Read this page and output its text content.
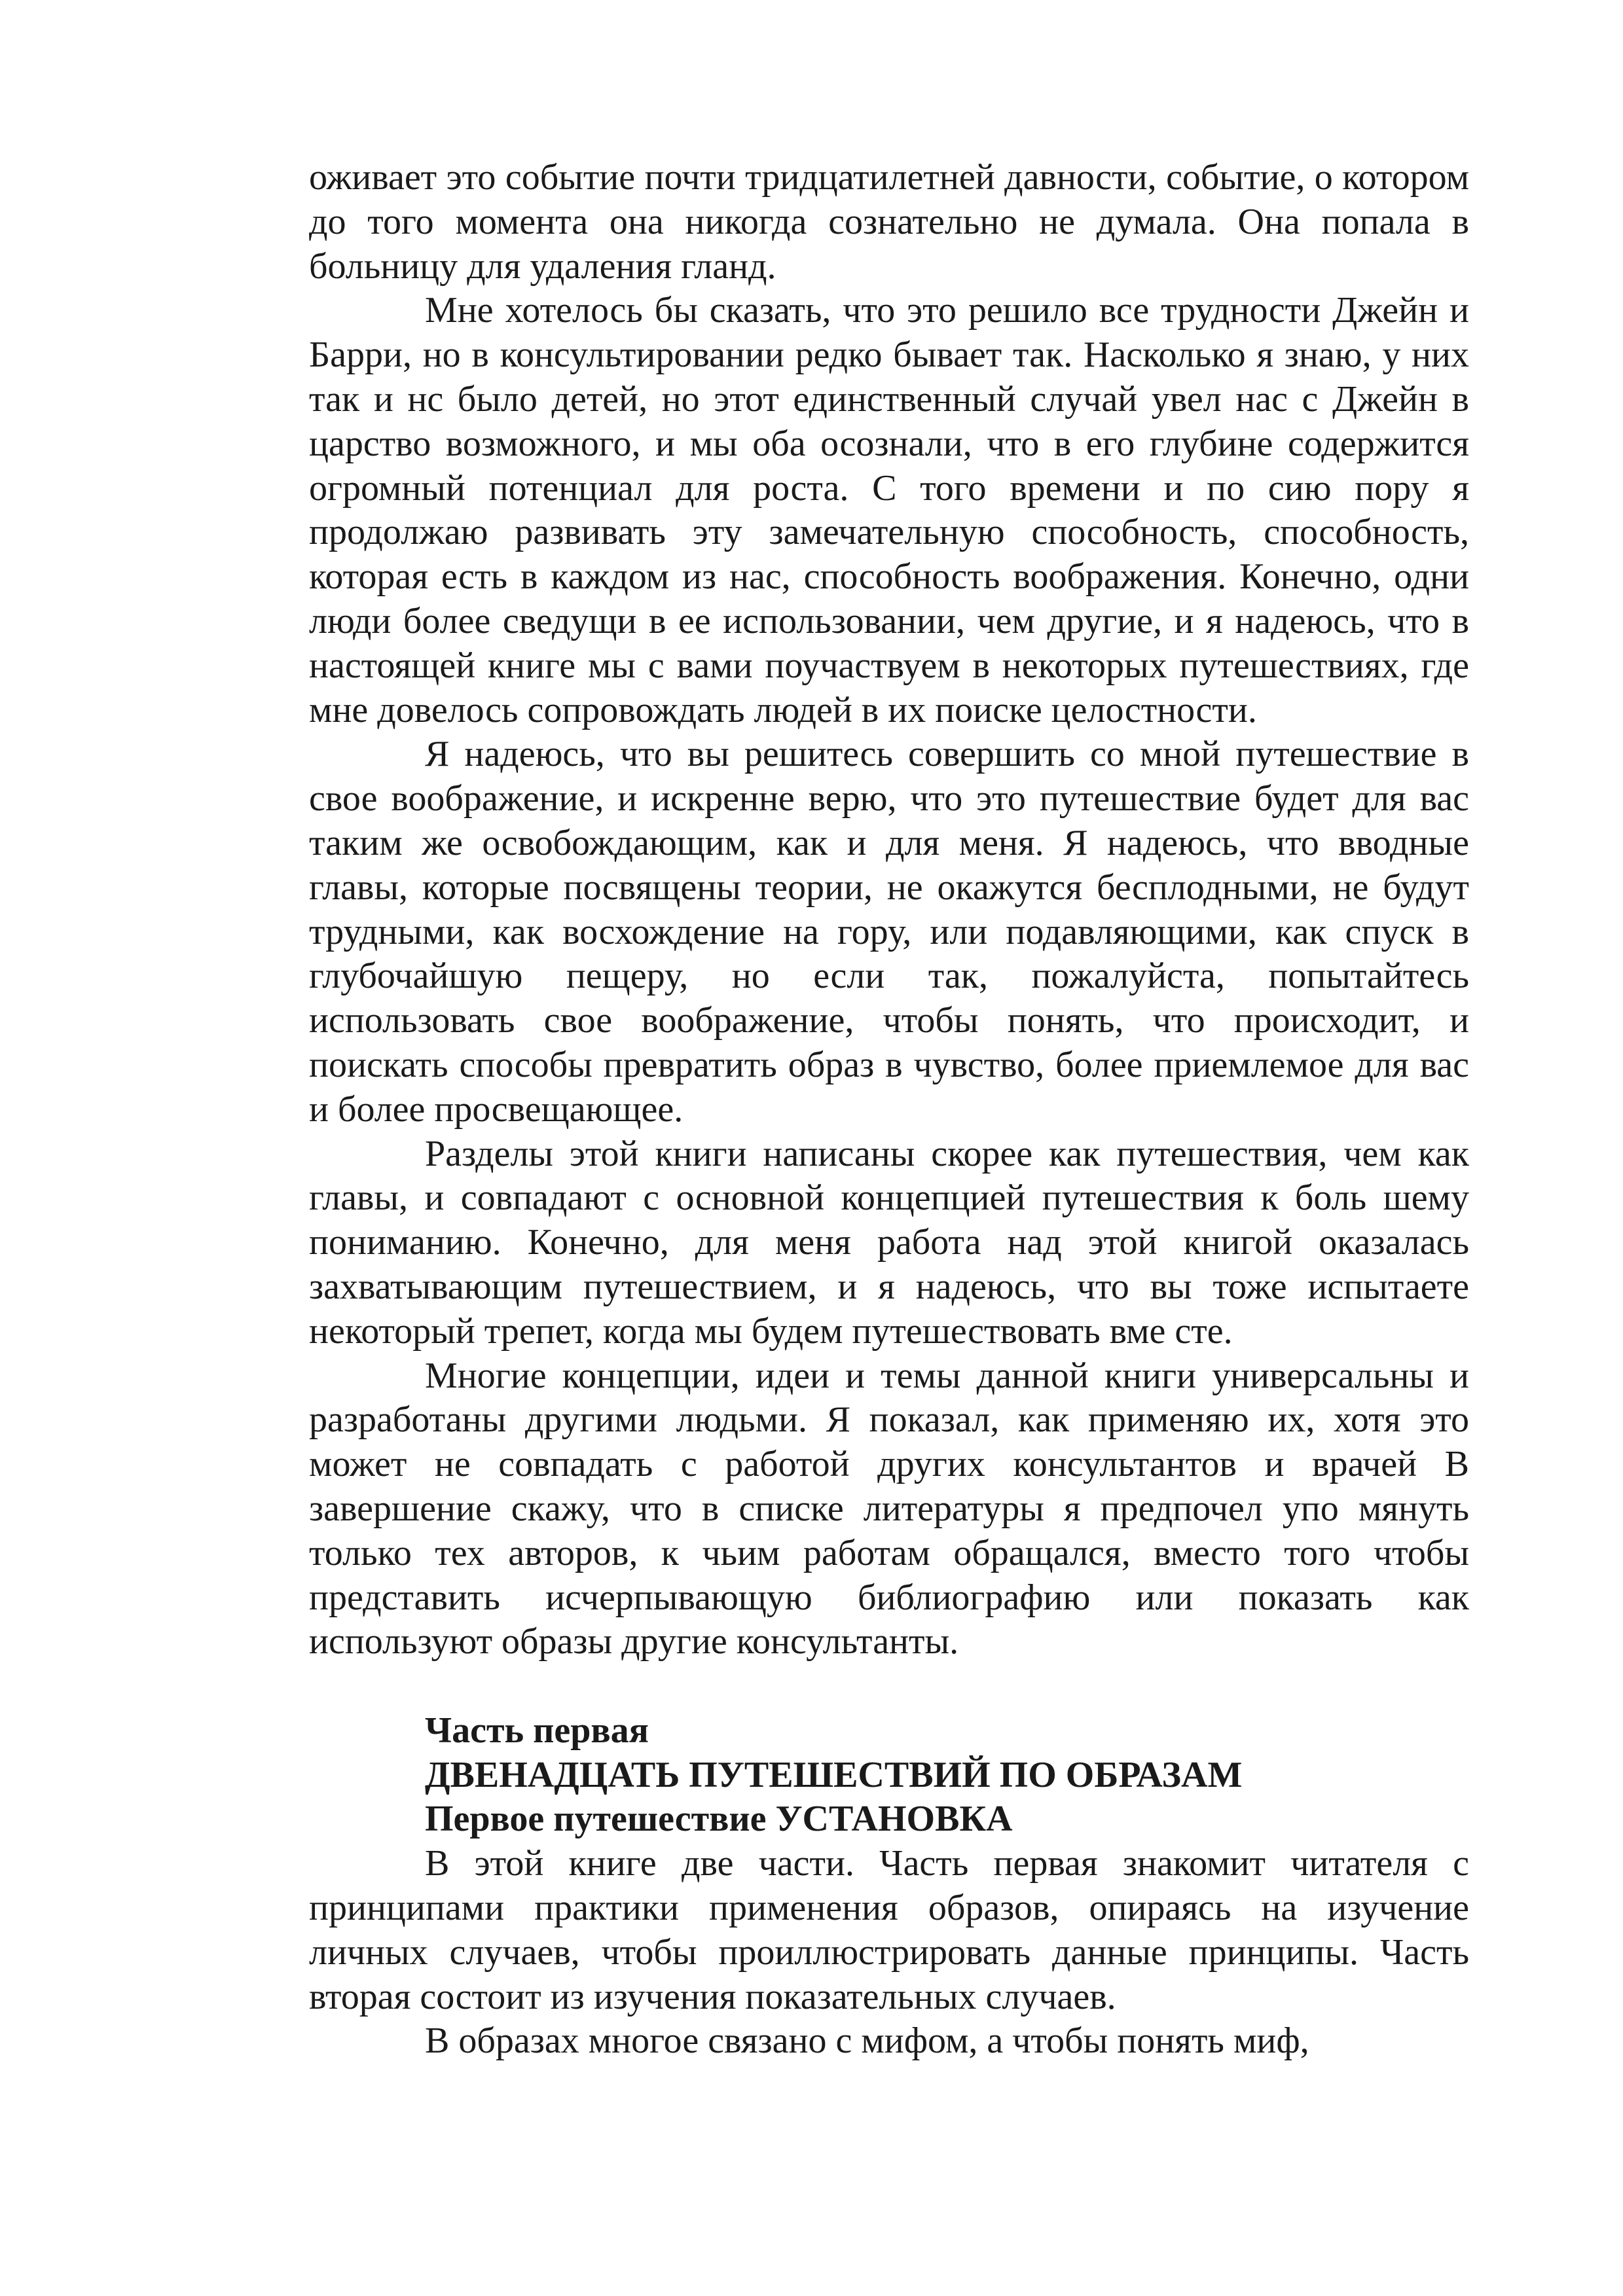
оживает это событие почти тридцатилетней давности, событие, о котором до того момента она никогда сознательно не думала. Она попала в больницу для удаления гланд.

Мне хотелось бы сказать, что это решило все трудности Джейн и Барри, но в консультировании редко бывает так. Насколько я знаю, у них так и нс было детей, но этот единственный случай увел нас с Джейн в царство возможного, и мы оба осознали, что в его глубине содержится огромный потенциал для роста. С того времени и по сию пору я продолжаю развивать эту замечательную способность, способность, которая есть в каждом из нас, способность воображения. Конечно, одни люди более сведущи в ее использовании, чем другие, и я надеюсь, что в настоящей книге мы с вами поучаствуем в некоторых путешествиях, где мне довелось сопровождать людей в их поиске целостности.

Я надеюсь, что вы решитесь совершить со мной путешествие в свое воображение, и искренне верю, что это путешествие будет для вас таким же освобождающим, как и для меня. Я надеюсь, что вводные главы, которые посвящены теории, не окажутся бесплодными, не будут трудными, как восхождение на гору, или подавляющими, как спуск в глубочайшую пещеру, но если так, пожалуйста, попытайтесь использовать свое воображение, чтобы понять, что происходит, и поискать способы превратить образ в чувство, более приемлемое для вас и более просвещающее.

Разделы этой книги написаны скорее как путешествия, чем как главы, и совпадают с основной концепцией путешествия к боль шему пониманию. Конечно, для меня работа над этой книгой оказалась захватывающим путешествием, и я надеюсь, что вы тоже испытаете некоторый трепет, когда мы будем путешествовать вме сте.

Многие концепции, идеи и темы данной книги универсальны и разработаны другими людьми. Я показал, как применяю их, хотя это может не совпадать с работой других консультантов и врачей В завершение скажу, что в списке литературы я предпочел упо мянуть только тех авторов, к чьим работам обращался, вместо того чтобы представить исчерпывающую библиографию или показать как используют образы другие консультанты.

Часть первая

ДВЕНАДЦАТЬ ПУТЕШЕСТВИЙ ПО ОБРАЗАМ

Первое путешествие УСТАНОВКА

В этой книге две части. Часть первая знакомит читателя с принципами практики применения образов, опираясь на изучение личных случаев, чтобы проиллюстрировать данные принципы. Часть вторая состоит из изучения показательных случаев.

В образах многое связано с мифом, а чтобы понять миф,
